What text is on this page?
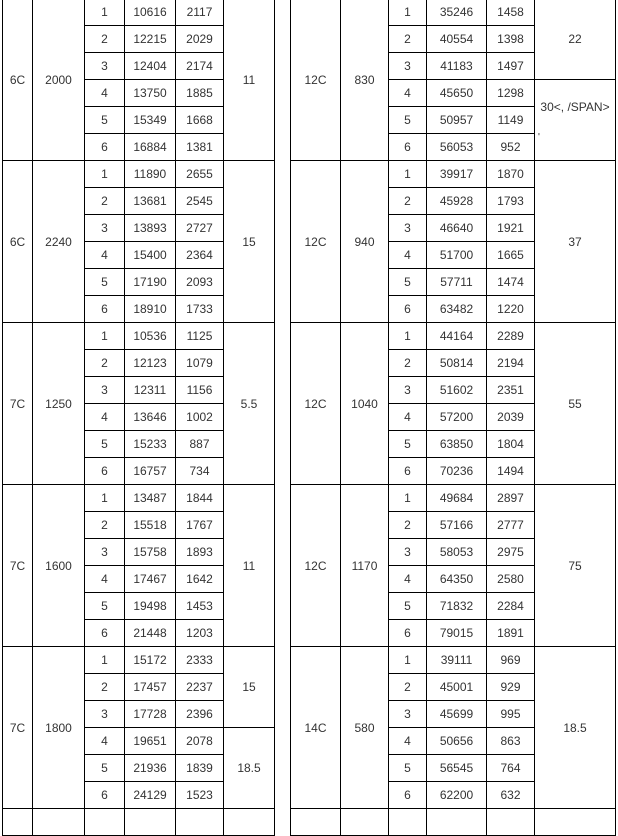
6C	2000
1	10616	2117
2	12215	2029
3	12404	2174
4	13750	1885
5	15349	1668
6	16884	1381
11
6C	2240
1	11890	2655
2	13681	2545
3	13893	2727
4	15400	2364
5	17190	2093
6	18910	1733
15
7C	1250
1	10536	1125
2	12123	1079
3	12311	1156
4	13646	1002
5	15233	887
6	16757	734
5.5
7C	1600
1	13487	1844
2	15518	1767
3	15758	1893
4	17467	1642
5	19498	1453
6	21448	1203
11
7C	1800
1	15172	2333
2	17457	2237
3	17728	2396
4	19651	2078
5	21936	1839
6	24129	1523
15
18.5
12C	830
1	35246	1458
2	40554	1398
3	41183	1497
4	45650	1298
5	50957	1149
6	56053	952
22
30<, /SPAN>
'
12C	940
1	39917	1870
2	45928	1793
3	46640	1921
4	51700	1665
5	57711	1474
6	63482	1220
37
12C	1040
1	44164	2289
2	50814	2194
3	51602	2351
4	57200	2039
5	63850	1804
6	70236	1494
55
12C	1170
1	49684	2897
2	57166	2777
3	58053	2975
4	64350	2580
5	71832	2284
6	79015	1891
75
14C	580
1	39111	969
2	45001	929
3	45699	995
4	50656	863
5	56545	764
6	62200	632
18.5
